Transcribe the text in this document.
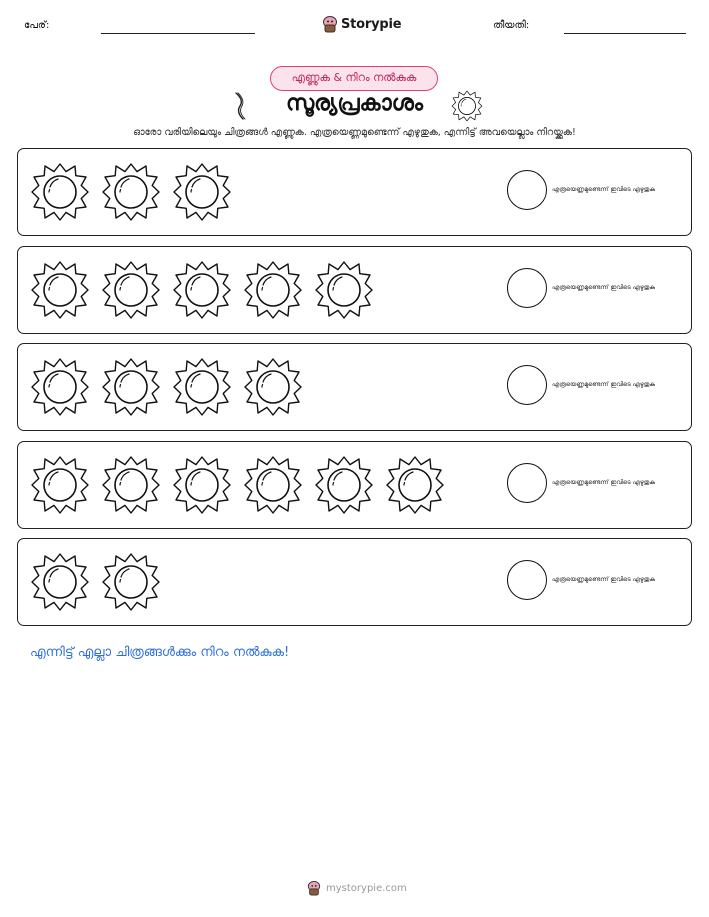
പേര്:	Storypie	തീയതി:
എണ്ണുക & നിറം നൽകുക
സൂര്യപ്രകാശം
ഓരോ വരിയിലെയും ചിത്രങ്ങൾ എണ്ണുക. എത്രയെണ്ണമുണ്ടെന്ന് എഴുതുക, എന്നിട്ട് അവയെല്ലാം നിറയ്ക്കുക!
എത്രയെണ്ണമുണ്ടെന്ന് ഇവിടെ എഴുതുക
എത്രയെണ്ണമുണ്ടെന്ന് ഇവിടെ എഴുതുക
എത്രയെണ്ണമുണ്ടെന്ന് ഇവിടെ എഴുതുക
എത്രയെണ്ണമുണ്ടെന്ന് ഇവിടെ എഴുതുക
എത്രയെണ്ണമുണ്ടെന്ന് ഇവിടെ എഴുതുക
എന്നിട്ട് എല്ലാ ചിത്രങ്ങൾക്കും നിറം നൽകുക!
mystorypie.com
